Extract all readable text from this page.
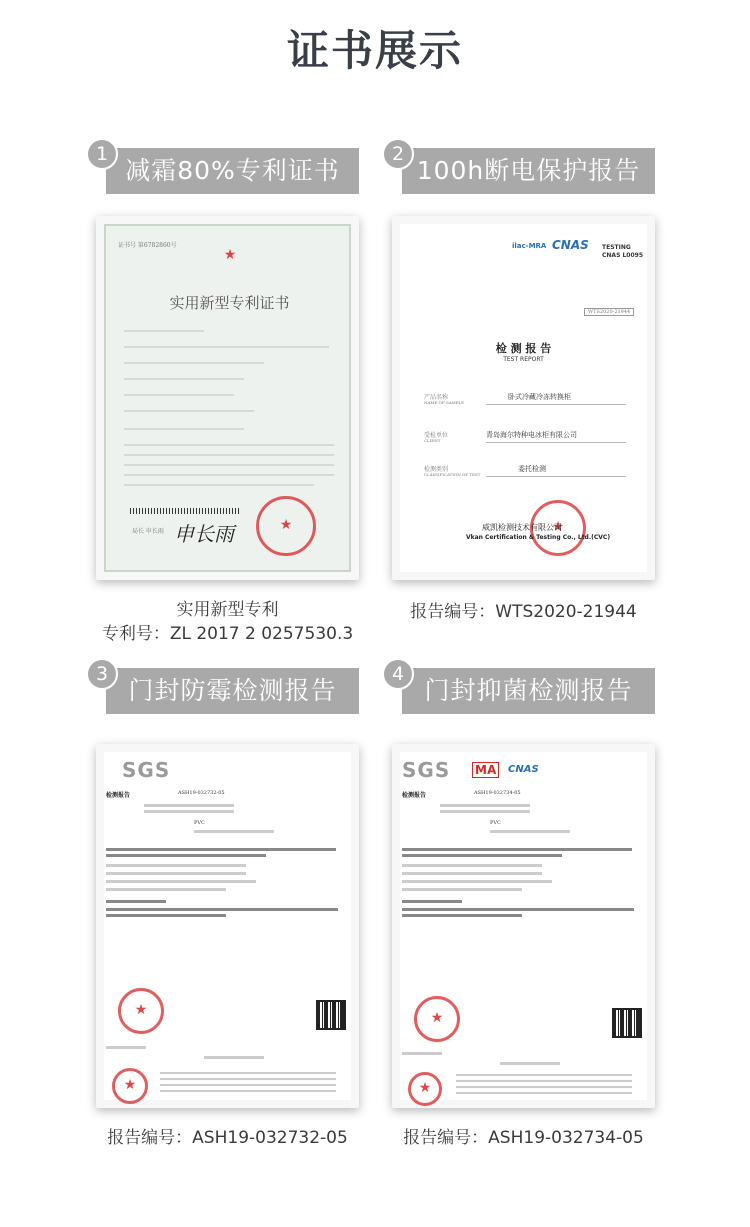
证书展示
减霜80%专利证书
1
证书号 第6782860号
★
实用新型专利证书
局长 申长雨 申长雨
★
实用新型专利
专利号：ZL 2017 2 0257530.3
100h断电保护报告
2
ilac-MRA CNAS TESTING
CNAS L0095
WTS2020-21944
检 测 报 告
TEST REPORT
产品名称
NAME OF SAMPLE
卧式冷藏冷冻转换柜
受检单位
CLIENT
青岛海尔特种电冰柜有限公司
检测类别
CLASSIFICATION OF TEST
委托检测
★
威凯检测技术有限公司
Vkan Certification & Testing Co., Ltd.(CVC)
报告编号：WTS2020-21944
门封防霉检测报告
3
SGS
检测报告	ASH19-032732-05
PVC
★
★
报告编号：ASH19-032732-05
门封抑菌检测报告
4
SGS MA	CNAS
检测报告	ASH19-032734-05
PVC
★
★
报告编号：ASH19-032734-05
